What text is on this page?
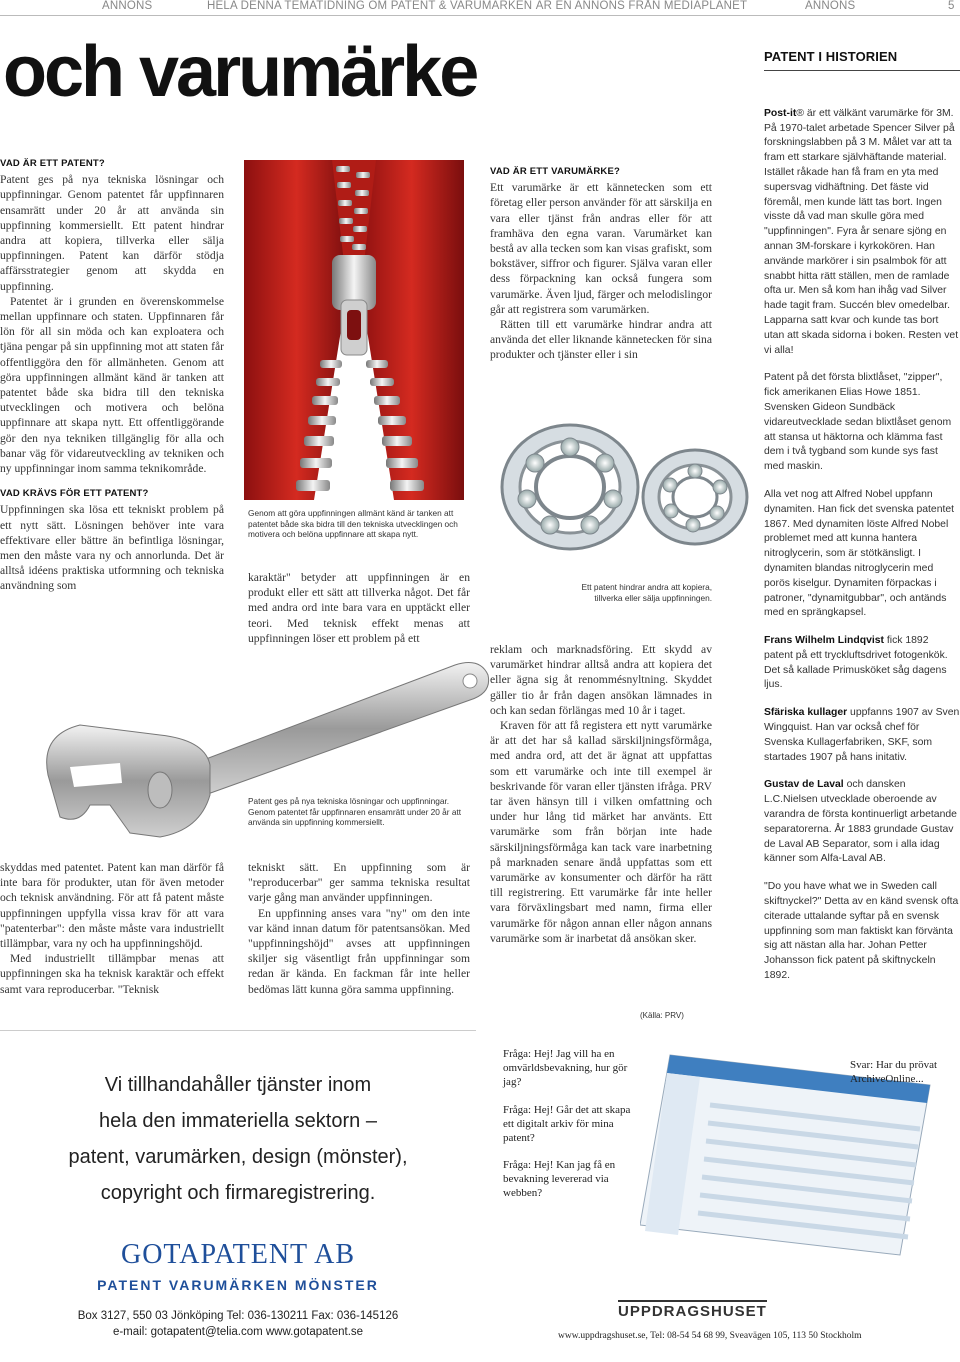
ANNONS	HELA DENNA TEMATIDNING OM PATENT & VARUMÄRKEN ÄR EN ANNONS FRÅN MEDIAPLANET	ANNONS	5
och varumärke
VAD ÄR ETT PATENT?

Patent ges på nya tekniska lösningar och uppfinningar. Genom patentet får uppfinnaren ensamrätt under 20 år att använda sin uppfinning kommersiellt. Ett patent hindrar andra att kopiera, tillverka eller sälja uppfinningen. Patent kan därför stödja affärsstrategier genom att skydda en uppfinning.

Patentet är i grunden en överenskommelse mellan uppfinnare och staten. Uppfinnaren får lön för all sin möda och kan exploatera och tjäna pengar på sin uppfinning mot att staten får offentliggöra den för allmänheten. Genom att göra uppfinningen allmänt känd är tanken att patentet både ska bidra till den tekniska utvecklingen och motivera och belöna uppfinnare att skapa nytt. Ett offentliggörande gör den nya tekniken tillgänglig för alla och banar väg för vidareutveckling av tekniken och ny uppfinningar inom samma teknikområde.

VAD KRÄVS FÖR ETT PATENT?

Uppfinningen ska lösa ett tekniskt problem på ett nytt sätt. Lösningen behöver inte vara effektivare eller bättre än befintliga lösningar, men den måste vara ny och annorlunda. Det är alltså idéens praktiska utformning och tekniska användning som

skyddas med patentet. Patent kan man därför få inte bara för produkter, utan för även metoder och teknisk användning. För att få patent måste uppfinningen uppfylla vissa krav för att vara "patenterbar": den måste måste vara industriellt tillämpbar, vara ny och ha uppfinningshöjd.

Med industriellt tillämpbar menas att uppfinningen ska ha teknisk karaktär och effekt samt vara reproducerbar. "Teknisk

Genom att göra uppfinningen allmänt känd är tanken att patentet både ska bidra till den tekniska utvecklingen och motivera och belöna uppfinnare att skapa nytt.

karaktär" betyder att uppfinningen är en produkt eller ett sätt att tillverka något. Det får med andra ord inte bara vara en upptäckt eller teori. Med teknisk effekt menas att uppfinningen löser ett problem på ett

Patent ges på nya tekniska lösningar och uppfinningar. Genom patentet får uppfinnaren ensamrätt under 20 år att använda sin uppfinning kommersiellt.

tekniskt sätt. En uppfinning som är "reproducerbar" ger samma tekniska resultat varje gång man använder uppfinningen.

En uppfinning anses vara "ny" om den inte var känd innan datum för patentsansökan. Med "uppfinningshöjd" avses att uppfinningen skiljer sig väsentligt från uppfinningar som redan är kända. En fackman får inte heller bedömas lätt kunna göra samma uppfinning.

VAD ÄR ETT VARUMÄRKE?

Ett varumärke är ett kännetecken som ett företag eller person använder för att särskilja en vara eller tjänst från andras eller för att framhäva den egna varan. Varumärket kan bestå av alla tecken som kan visas grafiskt, som bokstäver, siffror och figurer. Själva varan eller dess förpackning kan också fungera som varumärke. Även ljud, färger och melodislingor går att registrera som varumärken.

Rätten till ett varumärke hindrar andra att använda det eller liknande kännetecken för sina produkter och tjänster eller i sin

Ett patent hindrar andra att kopiera, tillverka eller sälja uppfinningen.

reklam och marknadsföring. Ett skydd av varumärket hindrar alltså andra att kopiera det eller ägna sig åt renommésnyltning. Skyddet gäller tio år från dagen ansökan lämnades in och kan sedan förlängas med 10 år i taget.

Kraven för att få registera ett nytt varumärke är att det har så kallad särskiljningsförmåga, med andra ord, att det är ägnat att uppfattas som ett varumärke och inte till exempel är beskrivande för varan eller tjänsten ifråga. PRV tar även hänsyn till i vilken omfattning och under hur lång tid märket har använts. Ett varumärke som från början inte hade särskiljningsförmåga kan tack vare inarbetning på marknaden senare ändå uppfattas som ett varumärke av konsumenter och därför ha rätt till registrering. Ett varumärke får inte heller vara förväxlingsbart med namn, firma eller varumärke för någon annan eller någon annans varumärke som är inarbetat då ansökan sker.

(Källa: PRV)
PATENT I HISTORIEN

Post-it® är ett välkänt varumärke för 3M. På 1970-talet arbetade Spencer Silver på forskningslabben på 3 M. Målet var att ta fram ett starkare självhäftande material. Istället råkade han få fram en yta med supersvag vidhäftning. Det fäste vid föremål, men kunde lätt tas bort. Ingen visste då vad man skulle göra med "uppfinningen". Fyra år senare sjöng en annan 3M-forskare i kyrkokören. Han använde markörer i sin psalmbok för att snabbt hitta rätt ställen, men de ramlade ofta ur. Men så kom han ihåg vad Silver hade tagit fram. Succén blev omedelbar. Lapparna satt kvar och kunde tas bort utan att skada sidorna i boken. Resten vet vi alla!

Patent på det första blixtlåset, "zipper", fick amerikanen Elias Howe 1851. Svensken Gideon Sundbäck vidareutvecklade sedan blixtlåset genom att stansa ut häktorna och klämma fast dem i två tygband som kunde sys fast med maskin.

Alla vet nog att Alfred Nobel uppfann dynamiten. Han fick det svenska patentet 1867. Med dynamiten löste Alfred Nobel problemet med att kunna hantera nitroglycerin, som är stötkänsligt. I dynamiten blandas nitroglycerin med porös kiselgur. Dynamiten förpackas i patroner, "dynamitgubbar", och antänds med en sprängkapsel.

Frans Wilhelm Lindqvist fick 1892 patent på ett tryckluftsdrivet fotogenkök. Det så kallade Primusköket såg dagens ljus.

Sfäriska kullager uppfanns 1907 av Sven Wingquist. Han var också chef för Svenska Kullagerfabriken, SKF, som startades 1907 på hans initativ.

Gustav de Laval och dansken L.C.Nielsen utvecklade oberoende av varandra de första kontinuerligt arbetande separatorerna. År 1883 grundade Gustav de Laval AB Separator, som i alla idag känner som Alfa-Laval AB.

"Do you have what we in Sweden call skiftnyckel?" Detta av en känd svensk ofta citerade uttalande syftar på en svensk uppfinning som man faktiskt kan förvänta sig att nästan alla har. Johan Petter Johansson fick patent på skiftnyckeln 1892.

Vi tillhandahåller tjänster inom
hela den immateriella sektorn –
patent, varumärken, design (mönster),
copyright och firmaregistrering.
GOTAPATENT AB
PATENT VARUMÄRKEN MÖNSTER
Box 3127, 550 03 Jönköping Tel: 036-130211 Fax: 036-145126
e-mail: gotapatent@telia.com www.gotapatent.se
Fråga: Hej! Jag vill ha en omvärldsbevakning, hur gör jag?
Fråga: Hej! Går det att skapa ett digitalt arkiv för mina patent?
Fråga: Hej! Kan jag få en bevakning levererad via webben?
Svar: Har du prövat ArchiveOnline...
UPPDRAGSHUSET
www.uppdragshuset.se, Tel: 08-54 54 68 99, Sveavägen 105, 113 50 Stockholm
